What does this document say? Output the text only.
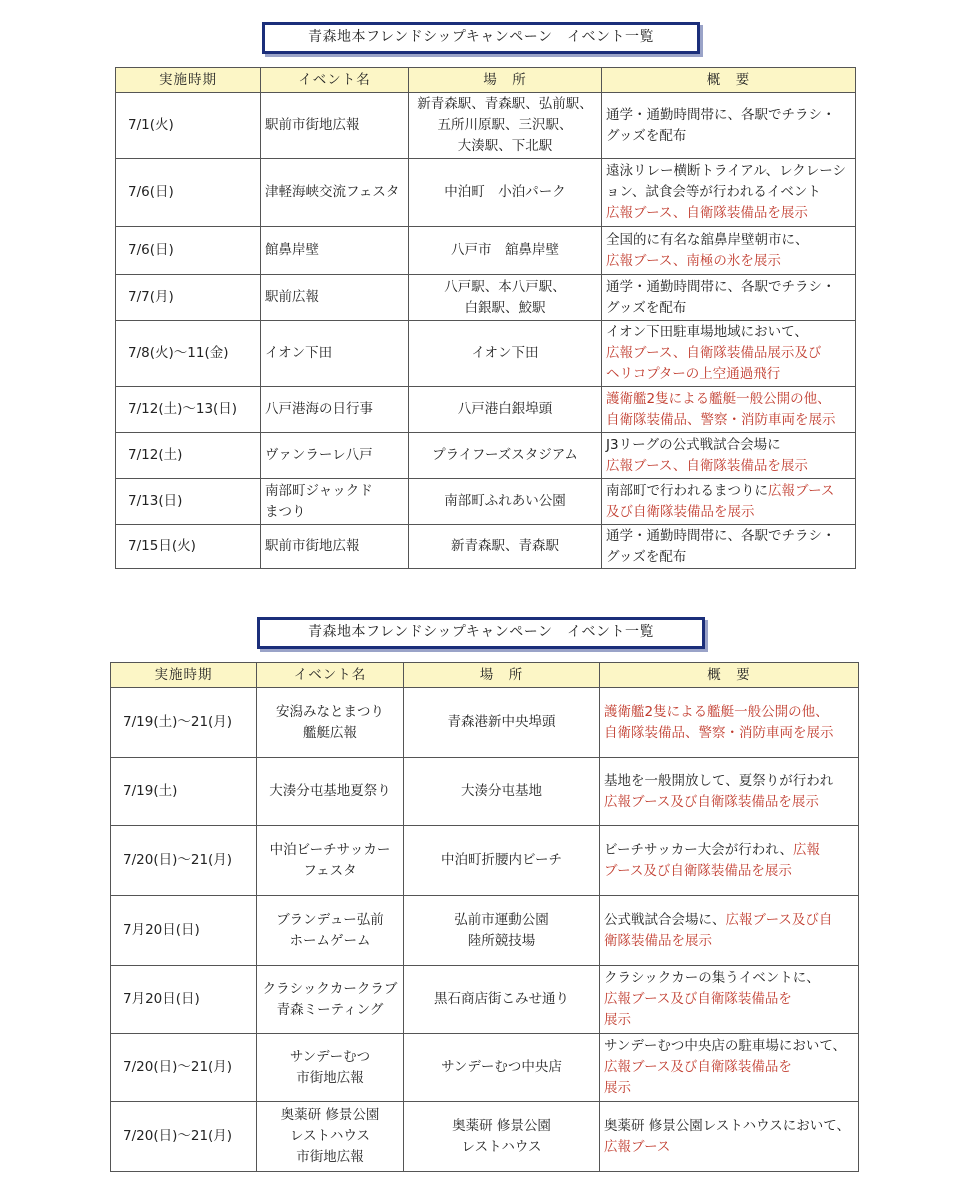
青森地本フレンドシップキャンペーン　イベント一覧
実施時期	イベント名	場　所	概　要
7/1(火)	駅前市街地広報	新青森駅、青森駅、弘前駅、
五所川原駅、三沢駅、
大湊駅、下北駅	通学・通勤時間帯に、各駅でチラシ・
グッズを配布
7/6(日)	津軽海峡交流フェスタ	中泊町　小泊パーク	遠泳リレー横断トライアル、レクレーション、試食会等が行われるイベント
広報ブース、自衛隊装備品を展示
7/6(日)	館鼻岸壁	八戸市　舘鼻岸壁	全国的に有名な舘鼻岸壁朝市に、
広報ブース、南極の氷を展示
7/7(月)	駅前広報	八戸駅、本八戸駅、
白銀駅、鮫駅	通学・通勤時間帯に、各駅でチラシ・
グッズを配布
7/8(火)～11(金)	イオン下田	イオン下田	イオン下田駐車場地域において、
広報ブース、自衛隊装備品展示及び
ヘリコプターの上空通過飛行
7/12(土)～13(日)	八戸港海の日行事	八戸港白銀埠頭	護衛艦2隻による艦艇一般公開の他、
自衛隊装備品、警察・消防車両を展示
7/12(土)	ヴァンラーレ八戸	プライフーズスタジアム	J3リーグの公式戦試合会場に
広報ブース、自衛隊装備品を展示
7/13(日)	南部町ジャックド
まつり	南部町ふれあい公園	南部町で行われるまつりに広報ブース
及び自衛隊装備品を展示
7/15日(火)	駅前市街地広報	新青森駅、青森駅	通学・通勤時間帯に、各駅でチラシ・
グッズを配布
青森地本フレンドシップキャンペーン　イベント一覧
実施時期	イベント名	場　所	概　要
7/19(土)～21(月)	安潟みなとまつり
艦艇広報	青森港新中央埠頭	護衛艦2隻による艦艇一般公開の他、
自衛隊装備品、警察・消防車両を展示
7/19(土)	大湊分屯基地夏祭り	大湊分屯基地	基地を一般開放して、夏祭りが行われ
広報ブース及び自衛隊装備品を展示
7/20(日)～21(月)	中泊ビーチサッカー
フェスタ	中泊町折腰内ビーチ	ビーチサッカー大会が行われ、広報
ブース及び自衛隊装備品を展示
7月20日(日)	ブランデュー弘前
ホームゲーム	弘前市運動公園
陸所競技場	公式戦試合会場に、広報ブース及び自
衛隊装備品を展示
7月20日(日)	クラシックカークラブ
青森ミーティング	黒石商店街こみせ通り	クラシックカーの集うイベントに、
広報ブース及び自衛隊装備品を
展示
7/20(日)～21(月)	サンデーむつ
市街地広報	サンデーむつ中央店	サンデーむつ中央店の駐車場において、
広報ブース及び自衛隊装備品を
展示
7/20(日)～21(月)	奥薬研 修景公園
レストハウス
市街地広報	奥薬研 修景公園
レストハウス	奥薬研 修景公園レストハウスにおいて、
広報ブース
